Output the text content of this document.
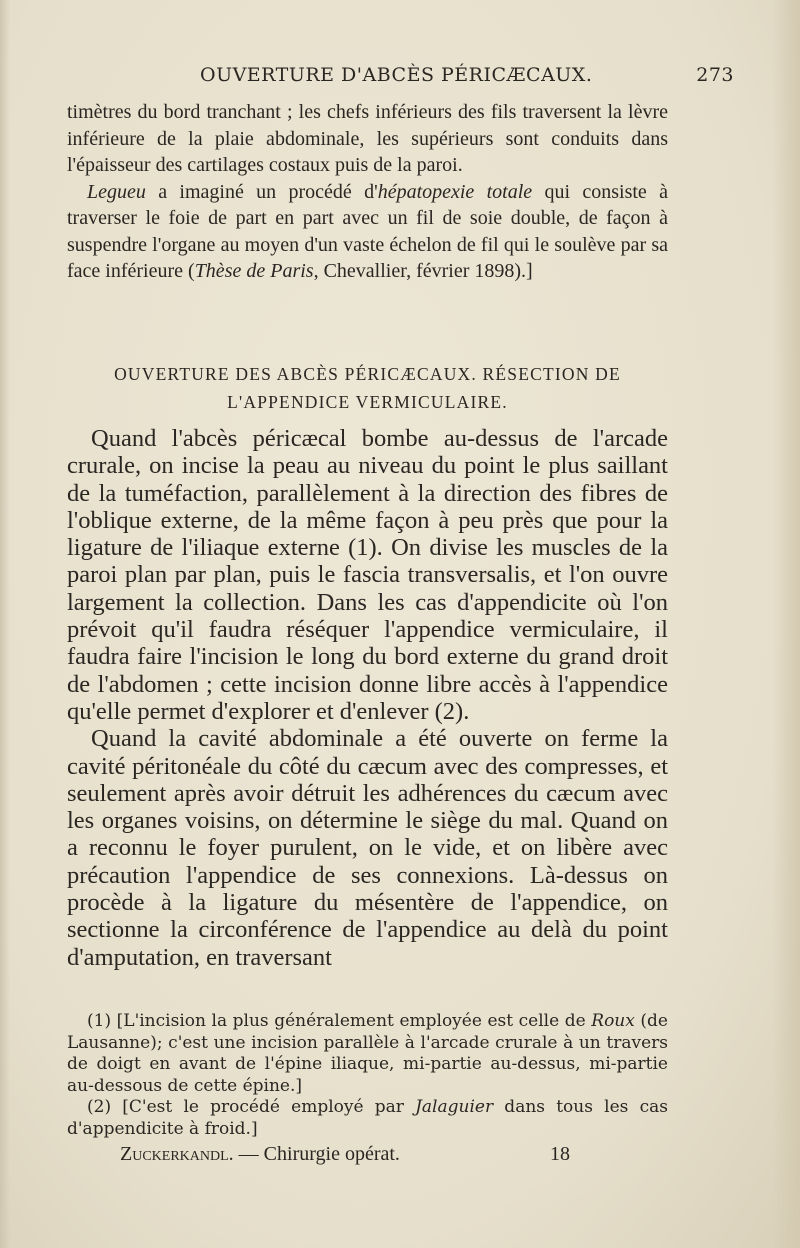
OUVERTURE D'ABCÈS PÉRICÆCAUX.	273

timètres du bord tranchant ; les chefs inférieurs des fils traversent la lèvre inférieure de la plaie abdominale, les supérieurs sont conduits dans l'épaisseur des cartilages costaux puis de la paroi.

Legueu a imaginé un procédé d'hépatopexie totale qui consiste à traverser le foie de part en part avec un fil de soie double, de façon à suspendre l'organe au moyen d'un vaste échelon de fil qui le soulève par sa face inférieure (Thèse de Paris, Chevallier, février 1898).]

OUVERTURE DES ABCÈS PÉRICÆCAUX. RÉSECTION DE
L'APPENDICE VERMICULAIRE.

Quand l'abcès péricæcal bombe au-dessus de l'arcade crurale, on incise la peau au niveau du point le plus saillant de la tuméfaction, parallèlement à la direction des fibres de l'oblique externe, de la même façon à peu près que pour la ligature de l'iliaque externe (1). On divise les muscles de la paroi plan par plan, puis le fascia transversalis, et l'on ouvre largement la collection. Dans les cas d'appendicite où l'on prévoit qu'il faudra réséquer l'appendice vermiculaire, il faudra faire l'incision le long du bord externe du grand droit de l'abdomen ; cette incision donne libre accès à l'appendice qu'elle permet d'explorer et d'enlever (2).

Quand la cavité abdominale a été ouverte on ferme la cavité péritonéale du côté du cæcum avec des compresses, et seulement après avoir détruit les adhérences du cæcum avec les organes voisins, on détermine le siège du mal. Quand on a reconnu le foyer purulent, on le vide, et on libère avec précaution l'appendice de ses connexions. Là-dessus on procède à la ligature du mésentère de l'appendice, on sectionne la circonférence de l'appendice au delà du point d'amputation, en traversant

(1) [L'incision la plus généralement employée est celle de Roux (de Lausanne); c'est une incision parallèle à l'arcade crurale à un travers de doigt en avant de l'épine iliaque, mi-partie au-dessus, mi-partie au-dessous de cette épine.]

(2) [C'est le procédé employé par Jalaguier dans tous les cas d'appendicite à froid.]

Zuckerkandl. — Chirurgie opérat.	18
